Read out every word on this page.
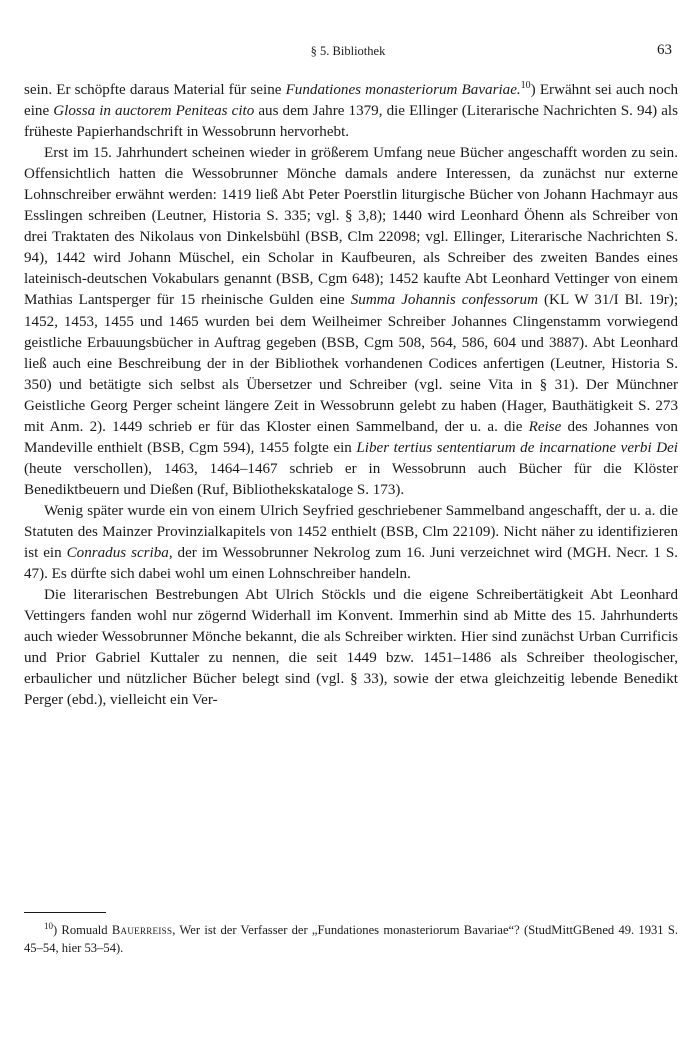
§ 5. Bibliothek	63

sein. Er schöpfte daraus Material für seine Fundationes monasteriorum Bavariae.$^{10}$) Erwähnt sei auch noch eine Glossa in auctorem Peniteas cito aus dem Jahre 1379, die Ellinger (Literarische Nachrichten S. 94) als früheste Papierhandschrift in Wessobrunn hervorhebt.

Erst im 15. Jahrhundert scheinen wieder in größerem Umfang neue Bücher angeschafft worden zu sein. Offensichtlich hatten die Wessobrunner Mönche damals andere Interessen, da zunächst nur externe Lohnschreiber erwähnt werden: 1419 ließ Abt Peter Poerstlin liturgische Bücher von Johann Hachmayr aus Esslingen schreiben (Leutner, Historia S. 335; vgl. § 3,8); 1440 wird Leonhard Öhenn als Schreiber von drei Traktaten des Nikolaus von Dinkelsbühl (BSB, Clm 22098; vgl. Ellinger, Literarische Nachrichten S. 94), 1442 wird Johann Müschel, ein Scholar in Kaufbeuren, als Schreiber des zweiten Bandes eines lateinisch-deutschen Vokabulars genannt (BSB, Cgm 648); 1452 kaufte Abt Leonhard Vettinger von einem Mathias Lantsperger für 15 rheinische Gulden eine Summa Johannis confessorum (KL W 31/I Bl. 19r); 1452, 1453, 1455 und 1465 wurden bei dem Weilheimer Schreiber Johannes Clingenstamm vorwiegend geistliche Erbauungsbücher in Auftrag gegeben (BSB, Cgm 508, 564, 586, 604 und 3887). Abt Leonhard ließ auch eine Beschreibung der in der Bibliothek vorhandenen Codices anfertigen (Leutner, Historia S. 350) und betätigte sich selbst als Übersetzer und Schreiber (vgl. seine Vita in § 31). Der Münchner Geistliche Georg Perger scheint längere Zeit in Wessobrunn gelebt zu haben (Hager, Bauthätigkeit S. 273 mit Anm. 2). 1449 schrieb er für das Kloster einen Sammelband, der u. a. die Reise des Johannes von Mandeville enthielt (BSB, Cgm 594), 1455 folgte ein Liber tertius sententiarum de incarnatione verbi Dei (heute verschollen), 1463, 1464–1467 schrieb er in Wessobrunn auch Bücher für die Klöster Benediktbeuern und Dießen (Ruf, Bibliothekskataloge S. 173).

Wenig später wurde ein von einem Ulrich Seyfried geschriebener Sammelband angeschafft, der u. a. die Statuten des Mainzer Provinzialkapitels von 1452 enthielt (BSB, Clm 22109). Nicht näher zu identifizieren ist ein Conradus scriba, der im Wessobrunner Nekrolog zum 16. Juni verzeichnet wird (MGH. Necr. 1 S. 47). Es dürfte sich dabei wohl um einen Lohnschreiber handeln.

Die literarischen Bestrebungen Abt Ulrich Stöckls und die eigene Schreibertätigkeit Abt Leonhard Vettingers fanden wohl nur zögernd Widerhall im Konvent. Immerhin sind ab Mitte des 15. Jahrhunderts auch wieder Wessobrunner Mönche bekannt, die als Schreiber wirkten. Hier sind zunächst Urban Currificis und Prior Gabriel Kuttaler zu nennen, die seit 1449 bzw. 1451–1486 als Schreiber theologischer, erbaulicher und nützlicher Bücher belegt sind (vgl. § 33), sowie der etwa gleichzeitig lebende Benedikt Perger (ebd.), vielleicht ein Ver-

$^{10}$) Romuald Bauerreiss, Wer ist der Verfasser der „Fundationes monasteriorum Bavariae“? (StudMittGBened 49. 1931 S. 45–54, hier 53–54).
